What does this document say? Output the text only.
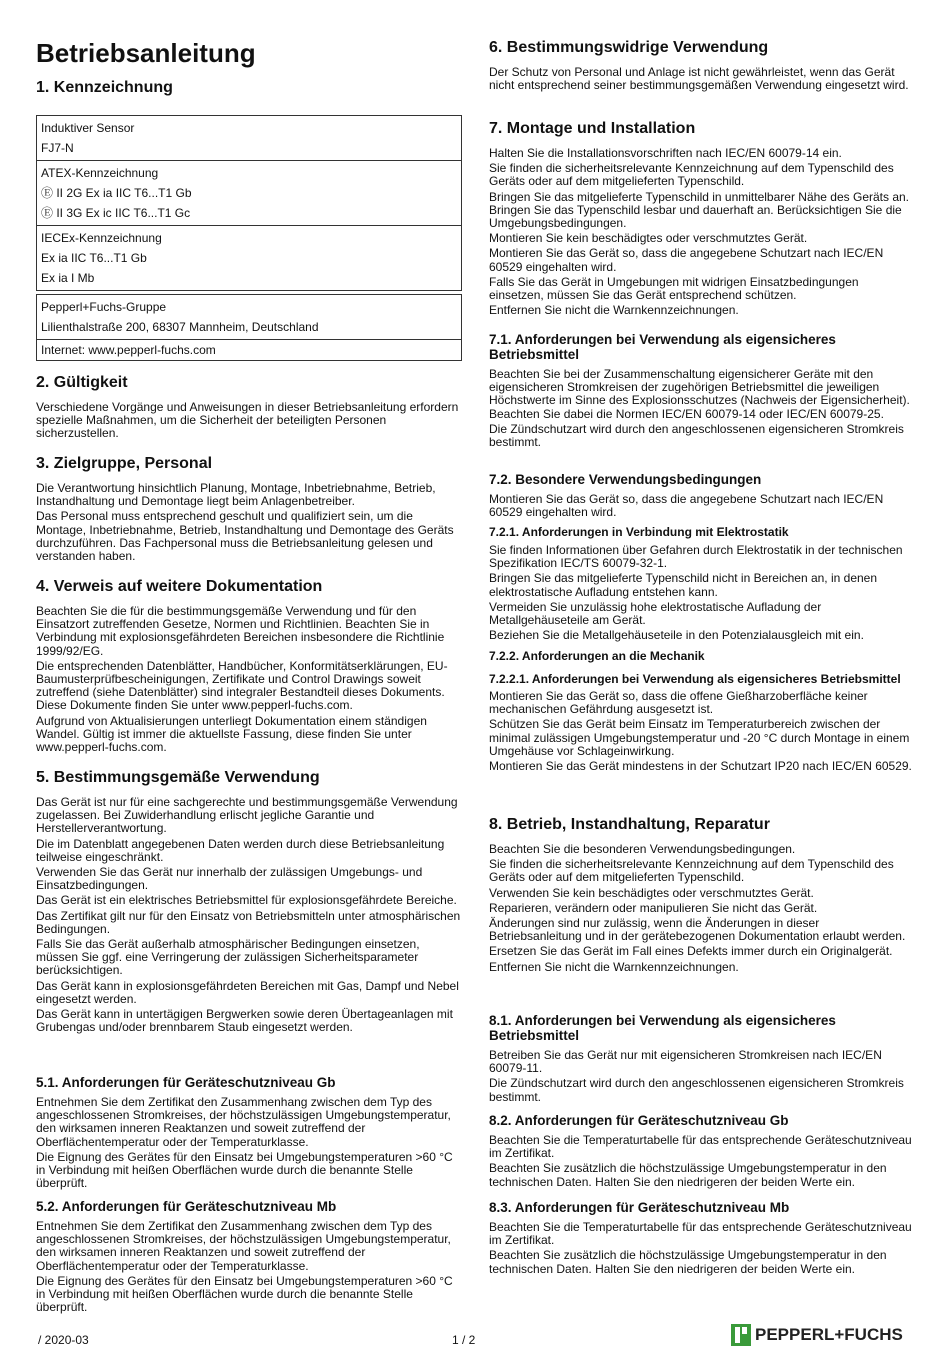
Betriebsanleitung
1. Kennzeichnung
Induktiver Sensor
FJ7-N

ATEX-Kennzeichnung
Ⓔ II 2G Ex ia IIC T6...T1 Gb
Ⓔ II 3G Ex ic IIC T6...T1 Gc

IECEx-Kennzeichnung
Ex ia IIC T6...T1 Gb
Ex ia I Mb
Pepperl+Fuchs-Gruppe
Lilienthalstraße 200, 68307 Mannheim, Deutschland

Internet: www.pepperl-fuchs.com
2. Gültigkeit

Verschiedene Vorgänge und Anweisungen in dieser Betriebsanleitung erfordern spezielle Maßnahmen, um die Sicherheit der beteiligten Personen sicherzustellen.

3. Zielgruppe, Personal

Die Verantwortung hinsichtlich Planung, Montage, Inbetriebnahme, Betrieb, Instandhaltung und Demontage liegt beim Anlagenbetreiber.

Das Personal muss entsprechend geschult und qualifiziert sein, um die Montage, Inbetriebnahme, Betrieb, Instandhaltung und Demontage des Geräts durchzuführen. Das Fachpersonal muss die Betriebsanleitung gelesen und verstanden haben.

4. Verweis auf weitere Dokumentation

Beachten Sie die für die bestimmungsgemäße Verwendung und für den Einsatzort zutreffenden Gesetze, Normen und Richtlinien. Beachten Sie in Verbindung mit explosionsgefährdeten Bereichen insbesondere die Richtlinie 1999/92/EG.

Die entsprechenden Datenblätter, Handbücher, Konformitätserklärungen, EU-Baumusterprüfbescheinigungen, Zertifikate und Control Drawings soweit zutreffend (siehe Datenblätter) sind integraler Bestandteil dieses Dokuments. Diese Dokumente finden Sie unter www.pepperl-fuchs.com.

Aufgrund von Aktualisierungen unterliegt Dokumentation einem ständigen Wandel. Gültig ist immer die aktuellste Fassung, diese finden Sie unter www.pepperl-fuchs.com.

5. Bestimmungsgemäße Verwendung

Das Gerät ist nur für eine sachgerechte und bestimmungsgemäße Verwendung zugelassen. Bei Zuwiderhandlung erlischt jegliche Garantie und Herstellerverantwortung.

Die im Datenblatt angegebenen Daten werden durch diese Betriebsanleitung teilweise eingeschränkt.

Verwenden Sie das Gerät nur innerhalb der zulässigen Umgebungs- und Einsatzbedingungen.

Das Gerät ist ein elektrisches Betriebsmittel für explosionsgefährdete Bereiche.

Das Zertifikat gilt nur für den Einsatz von Betriebsmitteln unter atmosphärischen Bedingungen.

Falls Sie das Gerät außerhalb atmosphärischer Bedingungen einsetzen, müssen Sie ggf. eine Verringerung der zulässigen Sicherheitsparameter berücksichtigen.

Das Gerät kann in explosionsgefährdeten Bereichen mit Gas, Dampf und Nebel eingesetzt werden.

Das Gerät kann in untertägigen Bergwerken sowie deren Übertageanlagen mit Grubengas und/oder brennbarem Staub eingesetzt werden.

5.1. Anforderungen für Geräteschutzniveau Gb

Entnehmen Sie dem Zertifikat den Zusammenhang zwischen dem Typ des angeschlossenen Stromkreises, der höchstzulässigen Umgebungstemperatur, den wirksamen inneren Reaktanzen und soweit zutreffend der Oberflächentemperatur oder der Temperaturklasse.

Die Eignung des Gerätes für den Einsatz bei Umgebungstemperaturen >60 °C in Verbindung mit heißen Oberflächen wurde durch die benannte Stelle überprüft.

5.2. Anforderungen für Geräteschutzniveau Mb

Entnehmen Sie dem Zertifikat den Zusammenhang zwischen dem Typ des angeschlossenen Stromkreises, der höchstzulässigen Umgebungstemperatur, den wirksamen inneren Reaktanzen und soweit zutreffend der Oberflächentemperatur oder der Temperaturklasse.

Die Eignung des Gerätes für den Einsatz bei Umgebungstemperaturen >60 °C in Verbindung mit heißen Oberflächen wurde durch die benannte Stelle überprüft.

6. Bestimmungswidrige Verwendung

Der Schutz von Personal und Anlage ist nicht gewährleistet, wenn das Gerät nicht entsprechend seiner bestimmungsgemäßen Verwendung eingesetzt wird.

7. Montage und Installation

Halten Sie die Installationsvorschriften nach IEC/EN 60079-14 ein.

Sie finden die sicherheitsrelevante Kennzeichnung auf dem Typenschild des Geräts oder auf dem mitgelieferten Typenschild.

Bringen Sie das mitgelieferte Typenschild in unmittelbarer Nähe des Geräts an. Bringen Sie das Typenschild lesbar und dauerhaft an. Berücksichtigen Sie die Umgebungsbedingungen.

Montieren Sie kein beschädigtes oder verschmutztes Gerät.

Montieren Sie das Gerät so, dass die angegebene Schutzart nach IEC/EN 60529 eingehalten wird.

Falls Sie das Gerät in Umgebungen mit widrigen Einsatzbedingungen einsetzen, müssen Sie das Gerät entsprechend schützen.

Entfernen Sie nicht die Warnkennzeichnungen.

7.1. Anforderungen bei Verwendung als eigensicheres Betriebsmittel

Beachten Sie bei der Zusammenschaltung eigensicherer Geräte mit den eigensicheren Stromkreisen der zugehörigen Betriebsmittel die jeweiligen Höchstwerte im Sinne des Explosionsschutzes (Nachweis der Eigensicherheit). Beachten Sie dabei die Normen IEC/EN 60079-14 oder IEC/EN 60079-25.

Die Zündschutzart wird durch den angeschlossenen eigensicheren Stromkreis bestimmt.

7.2. Besondere Verwendungsbedingungen

Montieren Sie das Gerät so, dass die angegebene Schutzart nach IEC/EN 60529 eingehalten wird.

7.2.1. Anforderungen in Verbindung mit Elektrostatik

Sie finden Informationen über Gefahren durch Elektrostatik in der technischen Spezifikation IEC/TS 60079-32-1.

Bringen Sie das mitgelieferte Typenschild nicht in Bereichen an, in denen elektrostatische Aufladung entstehen kann.

Vermeiden Sie unzulässig hohe elektrostatische Aufladung der Metallgehäuseteile am Gerät.

Beziehen Sie die Metallgehäuseteile in den Potenzialausgleich mit ein.

7.2.2. Anforderungen an die Mechanik
7.2.2.1. Anforderungen bei Verwendung als eigensicheres Betriebsmittel

Montieren Sie das Gerät so, dass die offene Gießharzoberfläche keiner mechanischen Gefährdung ausgesetzt ist.

Schützen Sie das Gerät beim Einsatz im Temperaturbereich zwischen der minimal zulässigen Umgebungstemperatur und -20 °C durch Montage in einem Umgehäuse vor Schlageinwirkung.

Montieren Sie das Gerät mindestens in der Schutzart IP20 nach IEC/EN 60529.

8. Betrieb, Instandhaltung, Reparatur

Beachten Sie die besonderen Verwendungsbedingungen.

Sie finden die sicherheitsrelevante Kennzeichnung auf dem Typenschild des Geräts oder auf dem mitgelieferten Typenschild.

Verwenden Sie kein beschädigtes oder verschmutztes Gerät.

Reparieren, verändern oder manipulieren Sie nicht das Gerät.

Änderungen sind nur zulässig, wenn die Änderungen in dieser Betriebsanleitung und in der gerätebezogenen Dokumentation erlaubt werden.

Ersetzen Sie das Gerät im Fall eines Defekts immer durch ein Originalgerät.

Entfernen Sie nicht die Warnkennzeichnungen.

8.1. Anforderungen bei Verwendung als eigensicheres Betriebsmittel

Betreiben Sie das Gerät nur mit eigensicheren Stromkreisen nach IEC/EN 60079-11.

Die Zündschutzart wird durch den angeschlossenen eigensicheren Stromkreis bestimmt.

8.2. Anforderungen für Geräteschutzniveau Gb

Beachten Sie die Temperaturtabelle für das entsprechende Geräteschutzniveau im Zertifikat.

Beachten Sie zusätzlich die höchstzulässige Umgebungstemperatur in den technischen Daten. Halten Sie den niedrigeren der beiden Werte ein.

8.3. Anforderungen für Geräteschutzniveau Mb

Beachten Sie die Temperaturtabelle für das entsprechende Geräteschutzniveau im Zertifikat.

Beachten Sie zusätzlich die höchstzulässige Umgebungstemperatur in den technischen Daten. Halten Sie den niedrigeren der beiden Werte ein.

/ 2020-03	1 / 2	PEPPERL+FUCHS
